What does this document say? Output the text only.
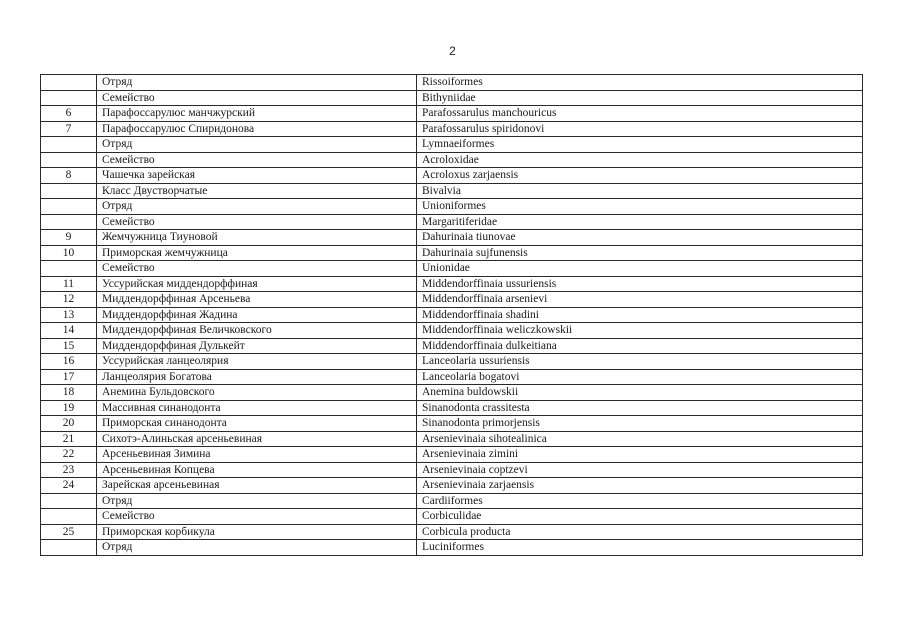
2
	Отряд	Rissoiformes
	Семейство	Bithyniidae
6	Парафоссарулюс манчжурский	Parafossarulus manchouricus
7	Парафоссарулюс Спиридонова	Parafossarulus spiridonovi
	Отряд	Lymnaeiformes
	Семейство	Acroloxidae
8	Чашечка зарейская	Acroloxus zarjaensis
	Класс Двустворчатые	Bivalvia
	Отряд	Unioniformes
	Семейство	Margaritiferidae
9	Жемчужница Тиуновой	Dahurinaia tiunovae
10	Приморская жемчужница	Dahurinaia sujfunensis
	Семейство	Unionidae
11	Уссурийская миддендорффиная	Middendorffinaia ussuriensis
12	Миддендорффиная Арсеньева	Middendorffinaia arsenievi
13	Миддендорффиная Жадина	Middendorffinaia shadini
14	Миддендорффиная Величковского	Middendorffinaia weliczkowskii
15	Миддендорффиная Дулькейт	Middendorffinaia dulkeitiana
16	Уссурийская ланцеолярия	Lanceolaria ussuriensis
17	Ланцеолярия Богатова	Lanceolaria bogatovi
18	Анемина Бульдовского	Anemina buldowskii
19	Массивная синанодонта	Sinanodonta crassitesta
20	Приморская синанодонта	Sinanodonta primorjensis
21	Сихотэ-Алиньская арсеньевиная	Arsenievinaia sihotealinica
22	Арсеньевиная Зимина	Arsenievinaia zimini
23	Арсеньевиная Копцева	Arsenievinaia coptzevi
24	Зарейская арсеньевиная	Arsenievinaia zarjaensis
	Отряд	Cardiiformes
	Семейство	Corbiculidae
25	Приморская корбикула	Corbicula producta
	Отряд	Luciniformes
